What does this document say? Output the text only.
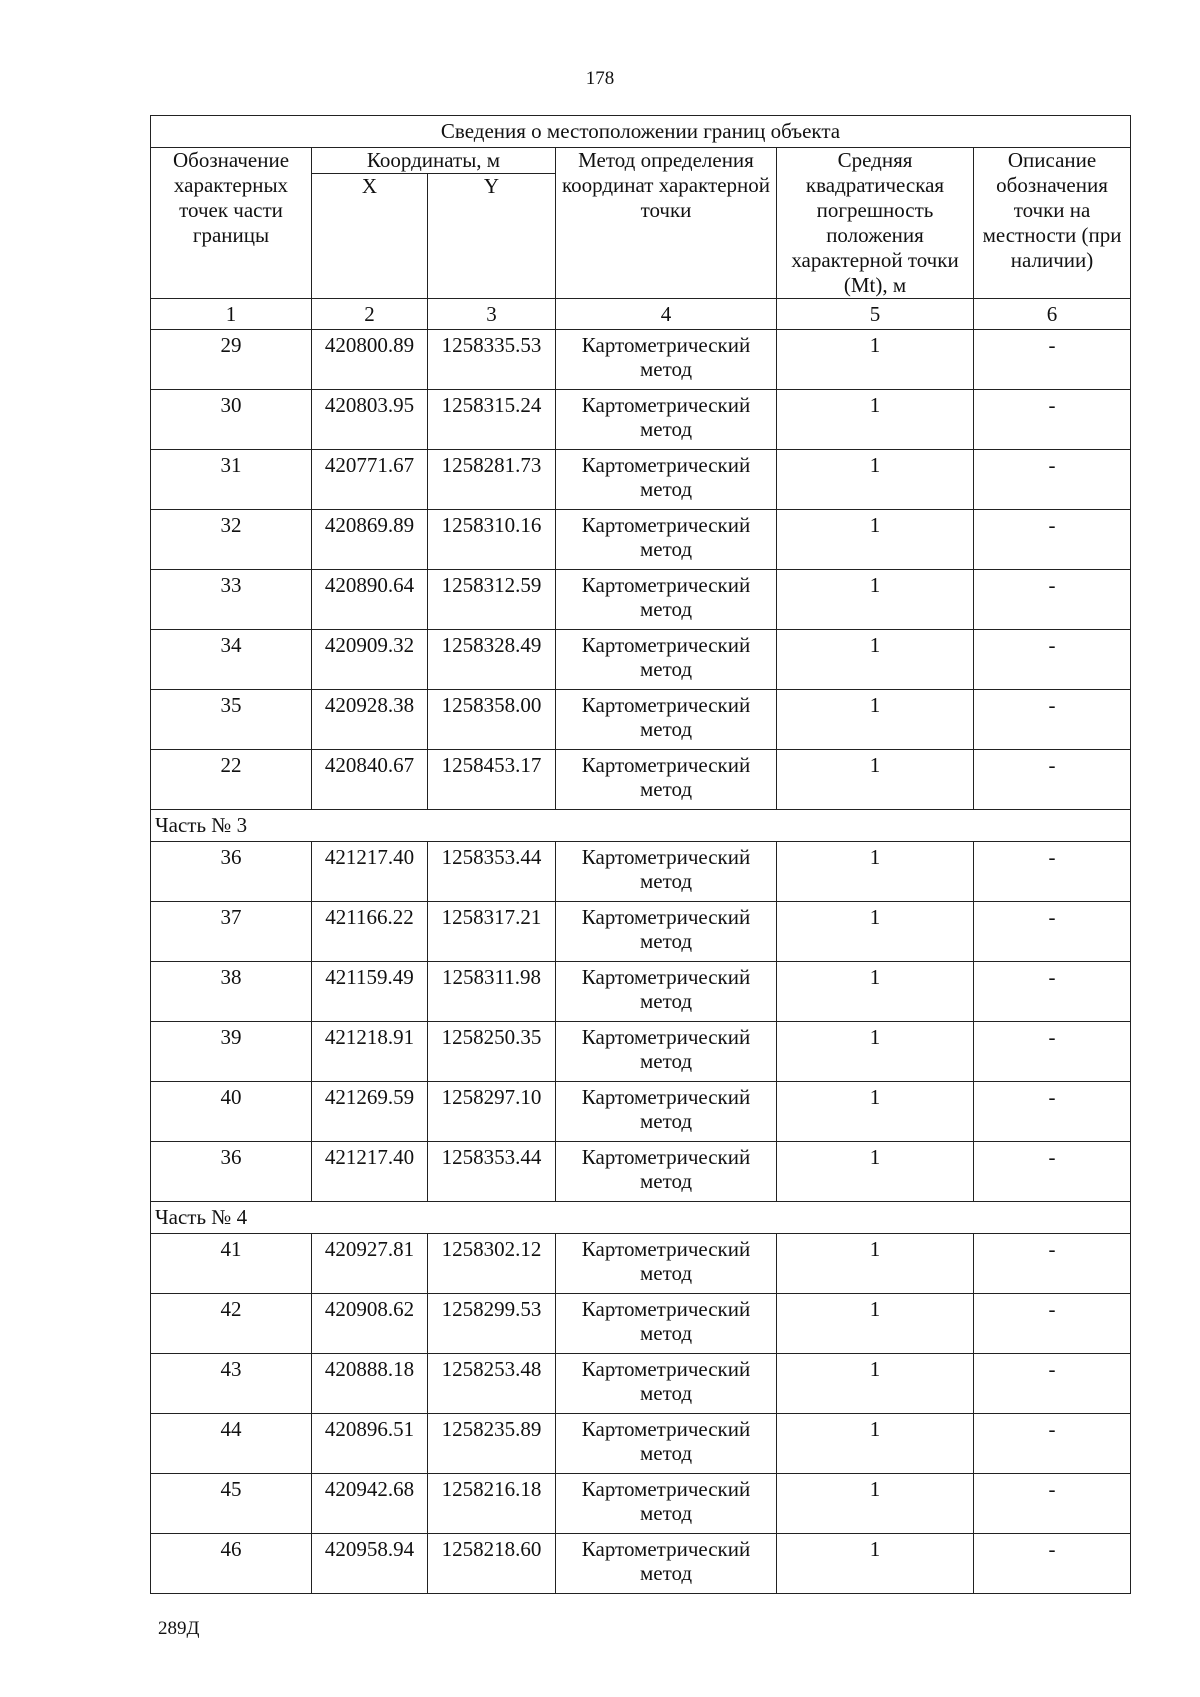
178
Сведения о местоположении границ объекта					
Обозначение характерных точек части границы	Координаты, м		Метод определения координат характерной точки	Средняя квадратическая погрешность положения характерной точки (Mt), м	Описание обозначения точки на местности (при наличии)
	X	Y			
1	2	3	4	5	6
29	420800.89	1258335.53	Картометрический метод	1	-
30	420803.95	1258315.24	Картометрический метод	1	-
31	420771.67	1258281.73	Картометрический метод	1	-
32	420869.89	1258310.16	Картометрический метод	1	-
33	420890.64	1258312.59	Картометрический метод	1	-
34	420909.32	1258328.49	Картометрический метод	1	-
35	420928.38	1258358.00	Картометрический метод	1	-
22	420840.67	1258453.17	Картометрический метод	1	-
Часть № 3					
36	421217.40	1258353.44	Картометрический метод	1	-
37	421166.22	1258317.21	Картометрический метод	1	-
38	421159.49	1258311.98	Картометрический метод	1	-
39	421218.91	1258250.35	Картометрический метод	1	-
40	421269.59	1258297.10	Картометрический метод	1	-
36	421217.40	1258353.44	Картометрический метод	1	-
Часть № 4					
41	420927.81	1258302.12	Картометрический метод	1	-
42	420908.62	1258299.53	Картометрический метод	1	-
43	420888.18	1258253.48	Картометрический метод	1	-
44	420896.51	1258235.89	Картометрический метод	1	-
45	420942.68	1258216.18	Картометрический метод	1	-
46	420958.94	1258218.60	Картометрический метод	1	-
289Д
